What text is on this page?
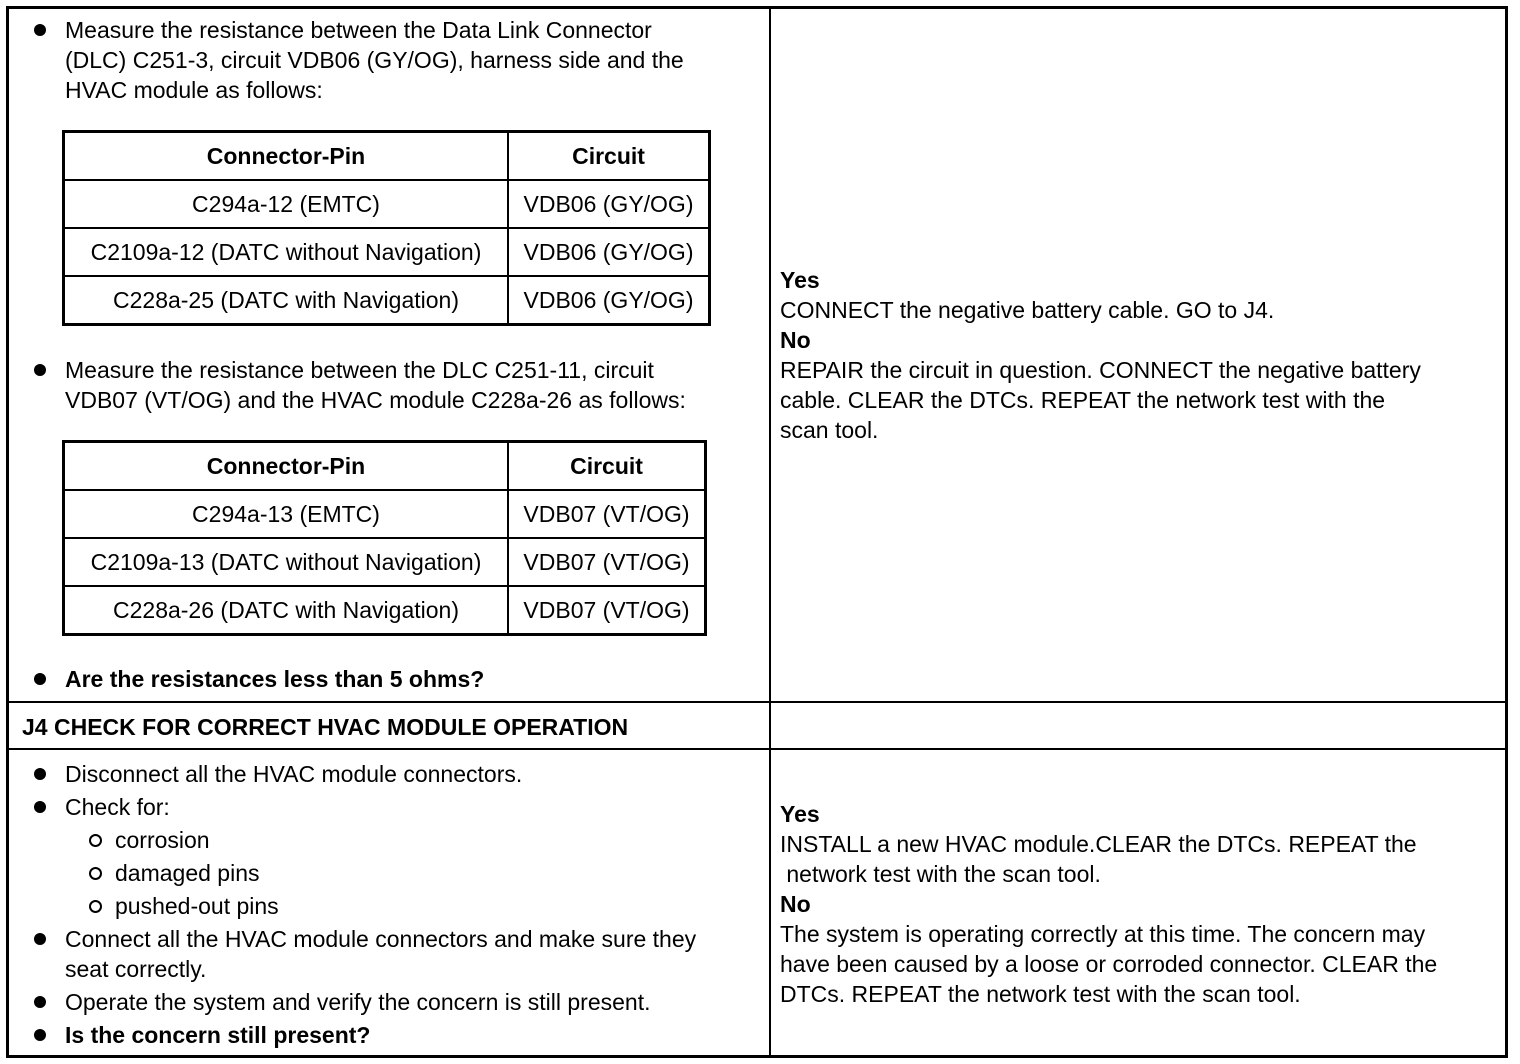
Measure the resistance between the Data Link Connector
(DLC) C251-3, circuit VDB06 (GY/OG), harness side and the
HVAC module as follows:
Connector-Pin	Circuit
C294a-12 (EMTC)	VDB06 (GY/OG)
C2109a-12 (DATC without Navigation)	VDB06 (GY/OG)
C228a-25 (DATC with Navigation)	VDB06 (GY/OG)
Measure the resistance between the DLC C251-11, circuit
VDB07 (VT/OG) and the HVAC module C228a-26 as follows:
Connector-Pin	Circuit
C294a-13 (EMTC)	VDB07 (VT/OG)
C2109a-13 (DATC without Navigation)	VDB07 (VT/OG)
C228a-26 (DATC with Navigation)	VDB07 (VT/OG)
Are the resistances less than 5 ohms?
Yes
CONNECT the negative battery cable. GO to J4.
No
REPAIR the circuit in question. CONNECT the negative battery
cable. CLEAR the DTCs. REPEAT the network test with the
scan tool.
J4 CHECK FOR CORRECT HVAC MODULE OPERATION
Disconnect all the HVAC module connectors.
Check for:
corrosion
damaged pins
pushed-out pins
Connect all the HVAC module connectors and make sure they
seat correctly.
Operate the system and verify the concern is still present.
Is the concern still present?
Yes
INSTALL a new HVAC module.CLEAR the DTCs. REPEAT the
network test with the scan tool.
No
The system is operating correctly at this time. The concern may
have been caused by a loose or corroded connector. CLEAR the
DTCs. REPEAT the network test with the scan tool.
